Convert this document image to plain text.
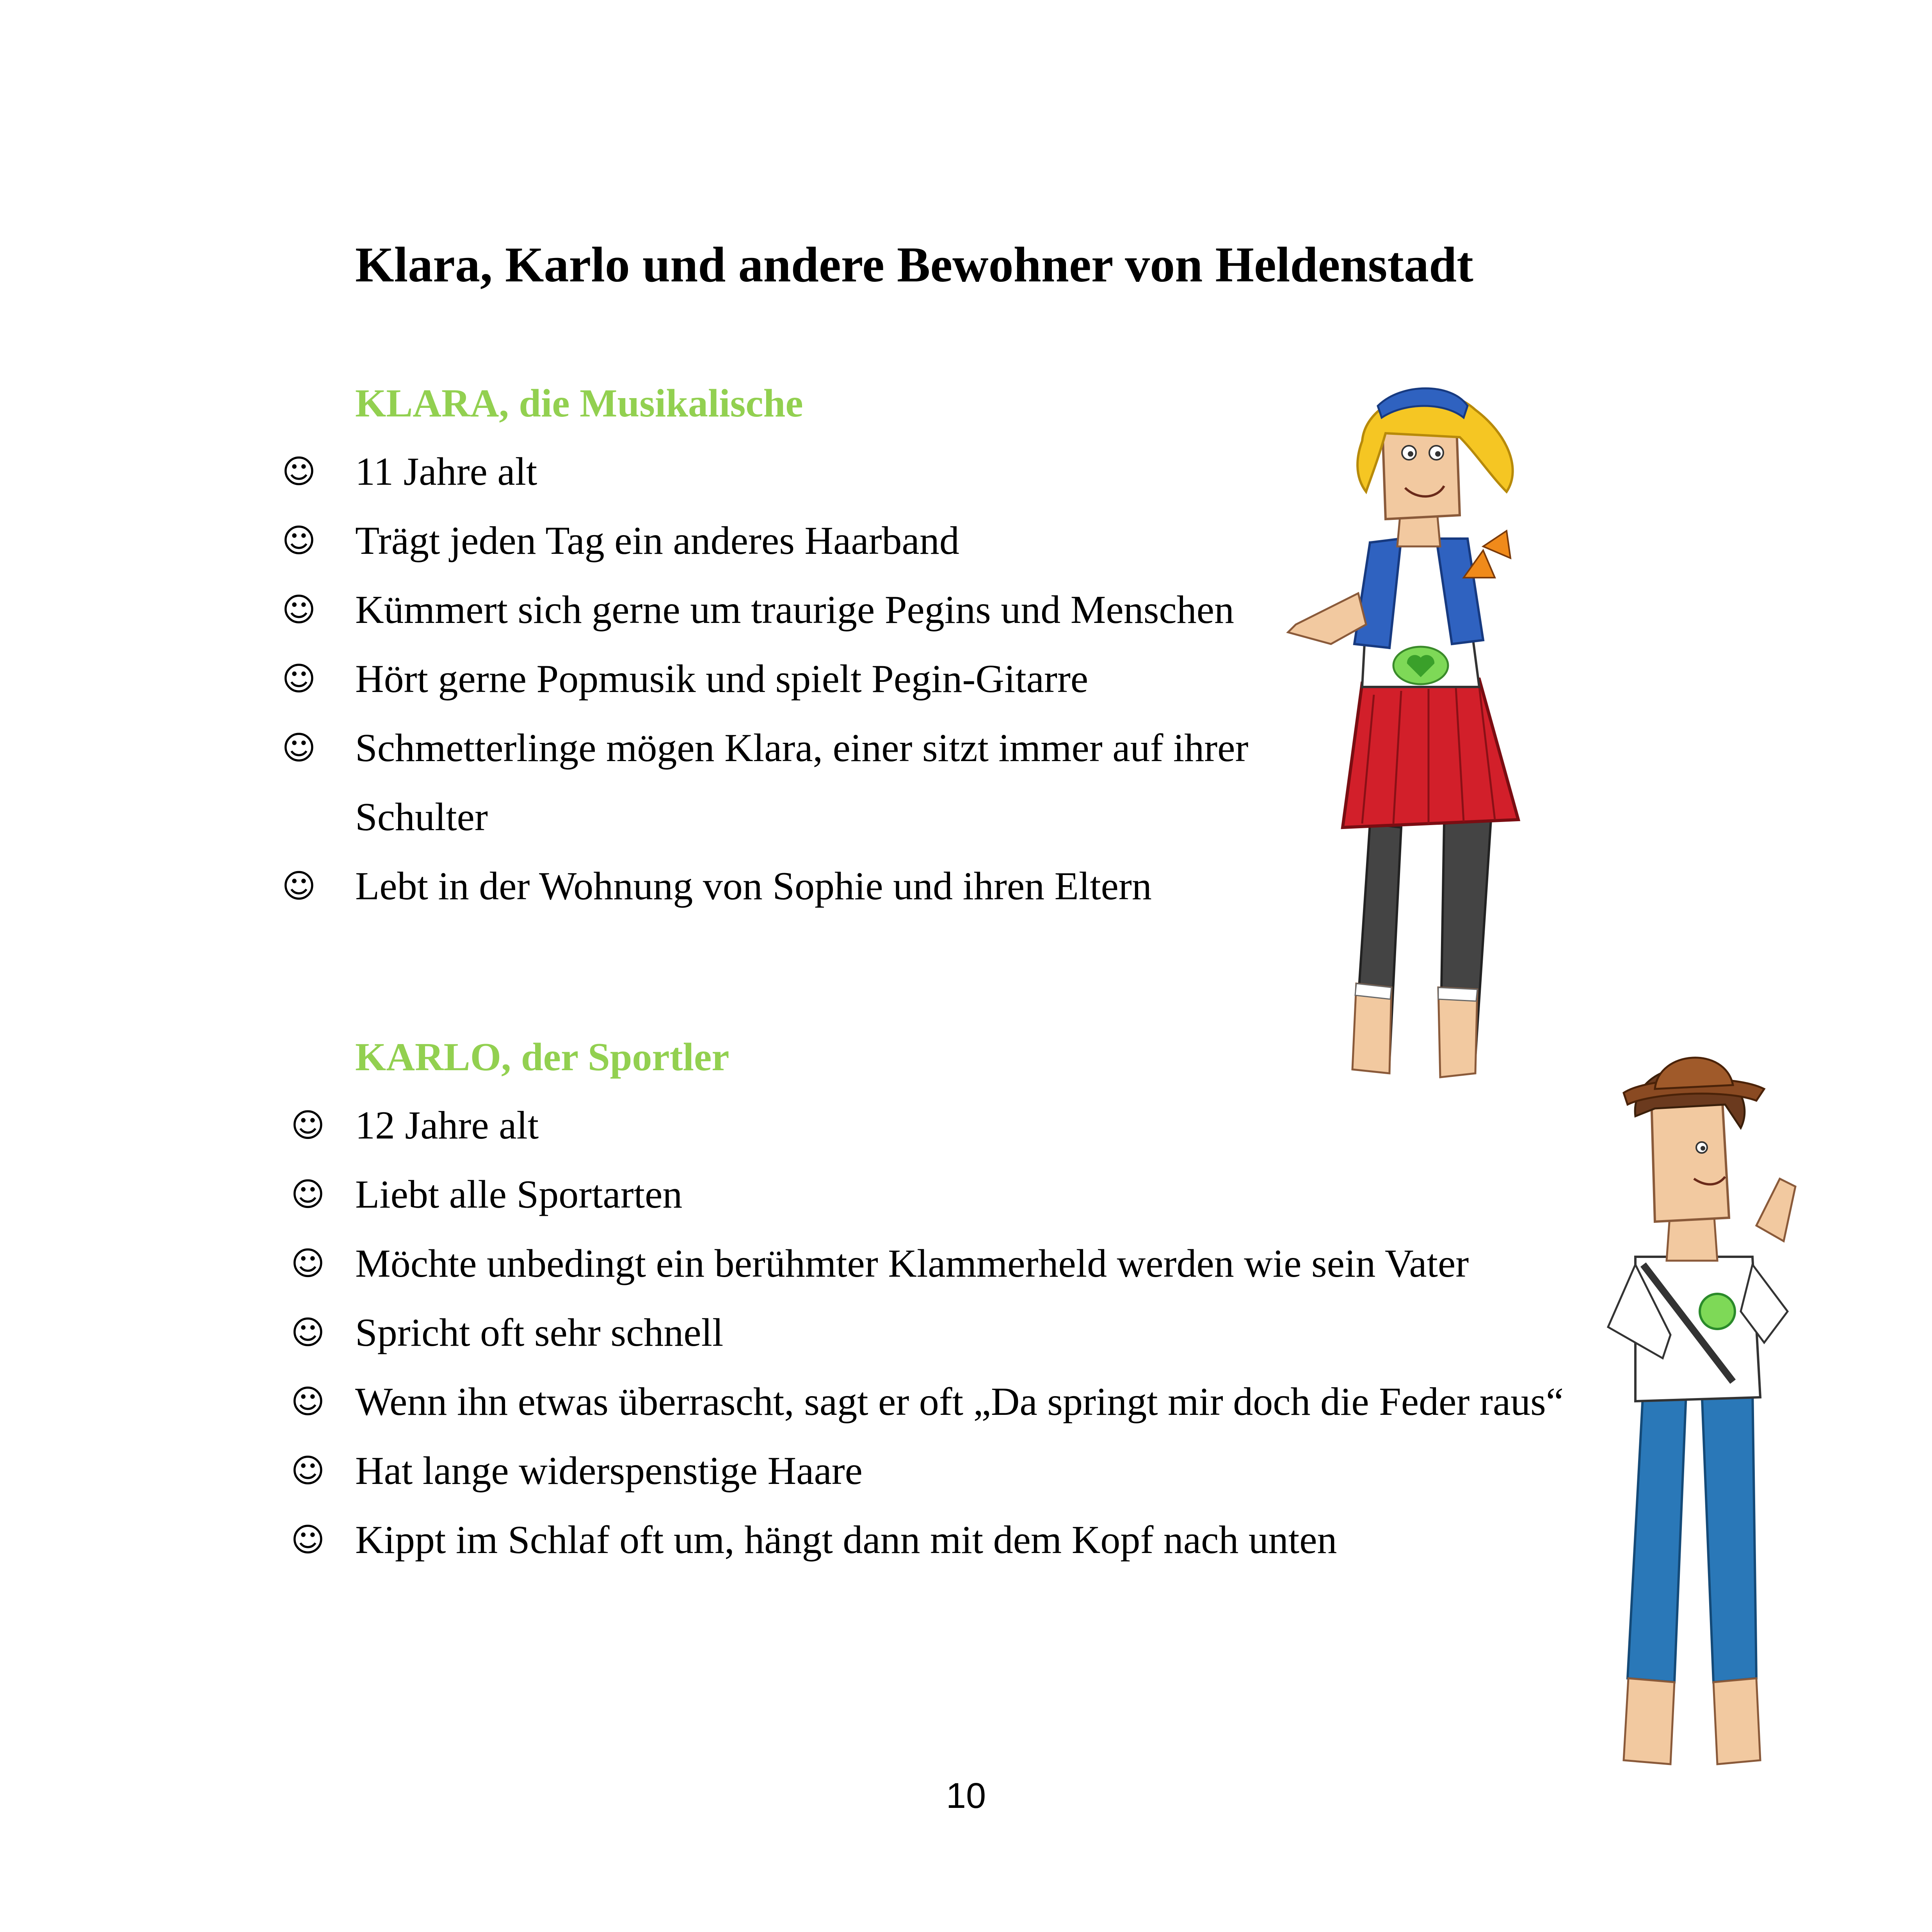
Klara, Karlo und andere Bewohner von Heldenstadt
KLARA, die Musikalische
☺ 11 Jahre alt
☺ Trägt jeden Tag ein anderes Haarband
☺ Kümmert sich gerne um traurige Pegins und Menschen
☺ Hört gerne Popmusik und spielt Pegin-Gitarre
☺ Schmetterlinge mögen Klara, einer sitzt immer auf ihrer Schulter
☺ Lebt in der Wohnung von Sophie und ihren Eltern
KARLO, der Sportler
☺ 12 Jahre alt
☺ Liebt alle Sportarten
☺ Möchte unbedingt ein berühmter Klammerheld werden wie sein Vater
☺ Spricht oft sehr schnell
☺ Wenn ihn etwas überrascht, sagt er oft „Da springt mir doch die Feder raus“
☺ Hat lange widerspenstige Haare
☺ Kippt im Schlaf oft um, hängt dann mit dem Kopf nach unten
10
